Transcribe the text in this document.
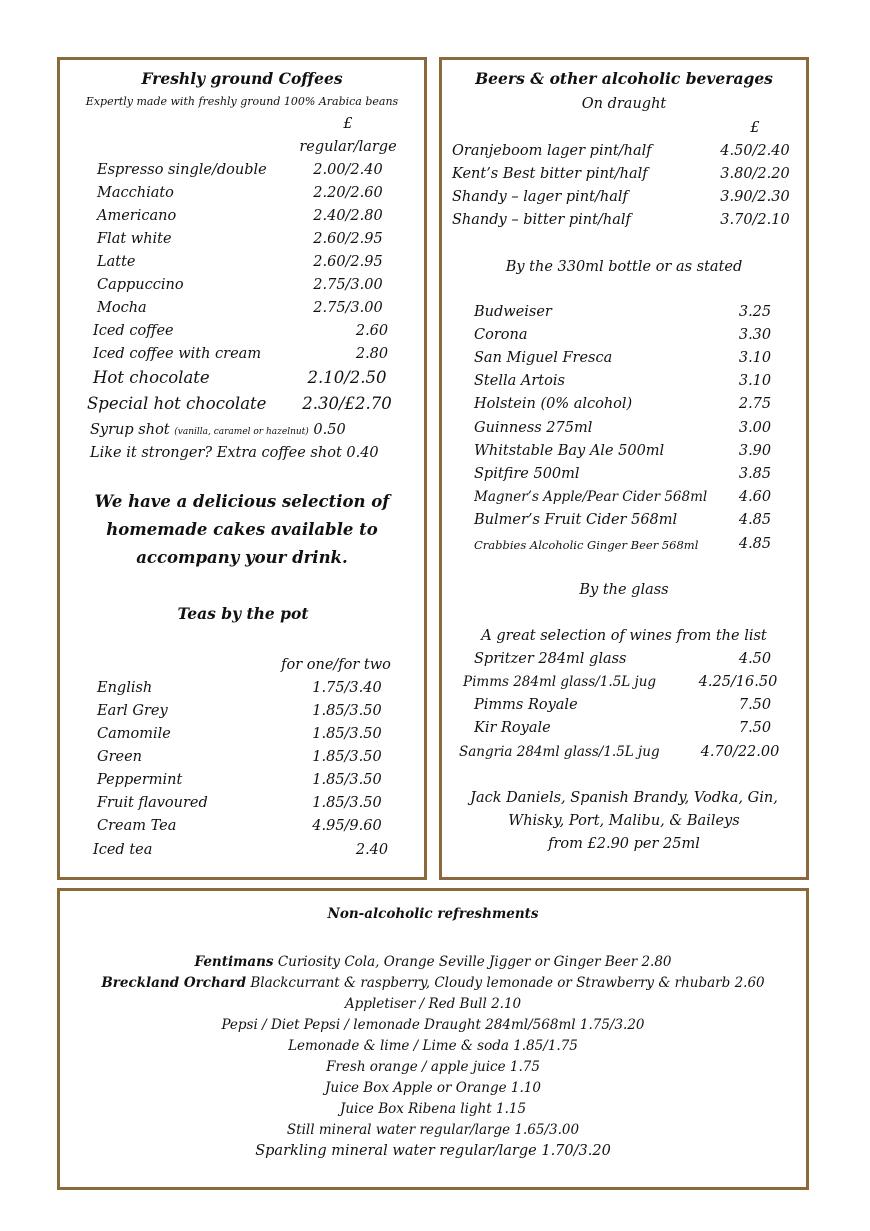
Freshly ground Coffees
Expertly made with freshly ground 100% Arabica beans
£
regular/large
Espresso single/double	2.00/2.40
Macchiato	2.20/2.60
Americano	2.40/2.80
Flat white	2.60/2.95
Latte	2.60/2.95
Cappuccino	2.75/3.00
Mocha	2.75/3.00
Iced coffee	2.60
Iced coffee with cream	2.80
Hot chocolate	2.10/2.50
Special hot chocolate 2.30/£2.70
Syrup shot (vanilla, caramel or hazelnut) 0.50
Like it stronger? Extra coffee shot 0.40
We have a delicious selection of
homemade cakes available to
accompany your drink.
Teas by the pot
for one/for two
English	1.75/3.40
Earl Grey	1.85/3.50
Camomile	1.85/3.50
Green	1.85/3.50
Peppermint	1.85/3.50
Fruit flavoured	1.85/3.50
Cream Tea	4.95/9.60
Iced tea	2.40
Beers & other alcoholic beverages
On draught
£
Oranjeboom lager pint/half	4.50/2.40
Kent’s Best bitter pint/half	3.80/2.20
Shandy – lager pint/half	3.90/2.30
Shandy – bitter pint/half	3.70/2.10
By the 330ml bottle or as stated
Budweiser	3.25
Corona	3.30
San Miguel Fresca	3.10
Stella Artois	3.10
Holstein (0% alcohol)	2.75
Guinness 275ml	3.00
Whitstable Bay Ale 500ml	3.90
Spitfire 500ml	3.85
Magner’s Apple/Pear Cider 568ml 4.60
Bulmer’s Fruit Cider 568ml	4.85
Crabbies Alcoholic Ginger Beer 568ml	4.85
By the glass
A great selection of wines from the list
Spritzer 284ml glass	4.50
Pimms 284ml glass/1.5L jug	4.25/16.50
Pimms Royale	7.50
Kir Royale	7.50
Sangria 284ml glass/1.5L jug	4.70/22.00
Jack Daniels, Spanish Brandy, Vodka, Gin,
Whisky, Port, Malibu, & Baileys
from £2.90 per 25ml
Non-alcoholic refreshments
Fentimans Curiosity Cola, Orange Seville Jigger or Ginger Beer 2.80
Breckland Orchard Blackcurrant & raspberry, Cloudy lemonade or Strawberry & rhubarb 2.60
Appletiser / Red Bull 2.10
Pepsi / Diet Pepsi / lemonade Draught 284ml/568ml 1.75/3.20
Lemonade & lime / Lime & soda 1.85/1.75
Fresh orange / apple juice 1.75
Juice Box Apple or Orange 1.10
Juice Box Ribena light 1.15
Still mineral water regular/large 1.65/3.00
Sparkling mineral water regular/large 1.70/3.20
